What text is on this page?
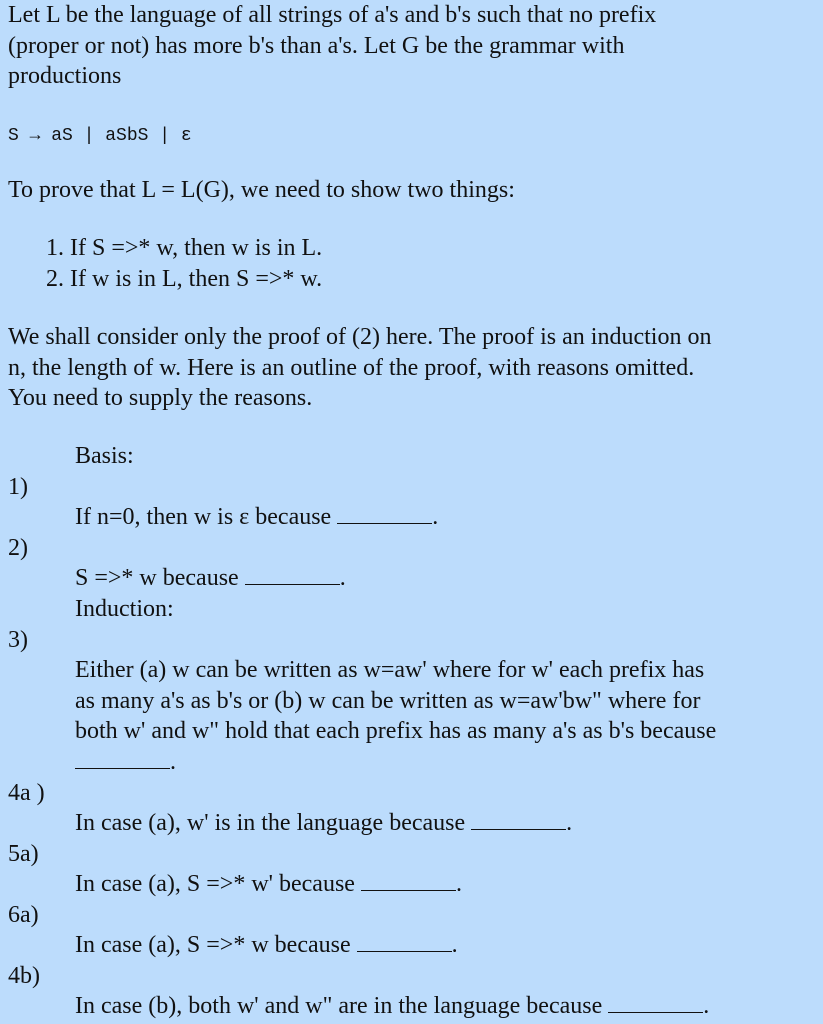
Let L be the language of all strings of a's and b's such that no prefix
(proper or not) has more b's than a's. Let G be the grammar with
productions
S → aS | aSbS | ε
To prove that L = L(G), we need to show two things:
1. If S =>* w, then w is in L.
2. If w is in L, then S =>* w.
We shall consider only the proof of (2) here. The proof is an induction on
n, the length of w. Here is an outline of the proof, with reasons omitted.
You need to supply the reasons.
Basis:
1)
If n=0, then w is ε because	.
2)
S =>* w because	.
Induction:
3)
Either (a) w can be written as w=aw' where for w' each prefix has
as many a's as b's or (b) w can be written as w=aw'bw" where for
both w' and w" hold that each prefix has as many a's as b's because
.
4a )
In case (a), w' is in the language because	.
5a)
In case (a), S =>* w' because	.
6a)
In case (a), S =>* w because	.
4b)
In case (b), both w' and w" are in the language because	.
